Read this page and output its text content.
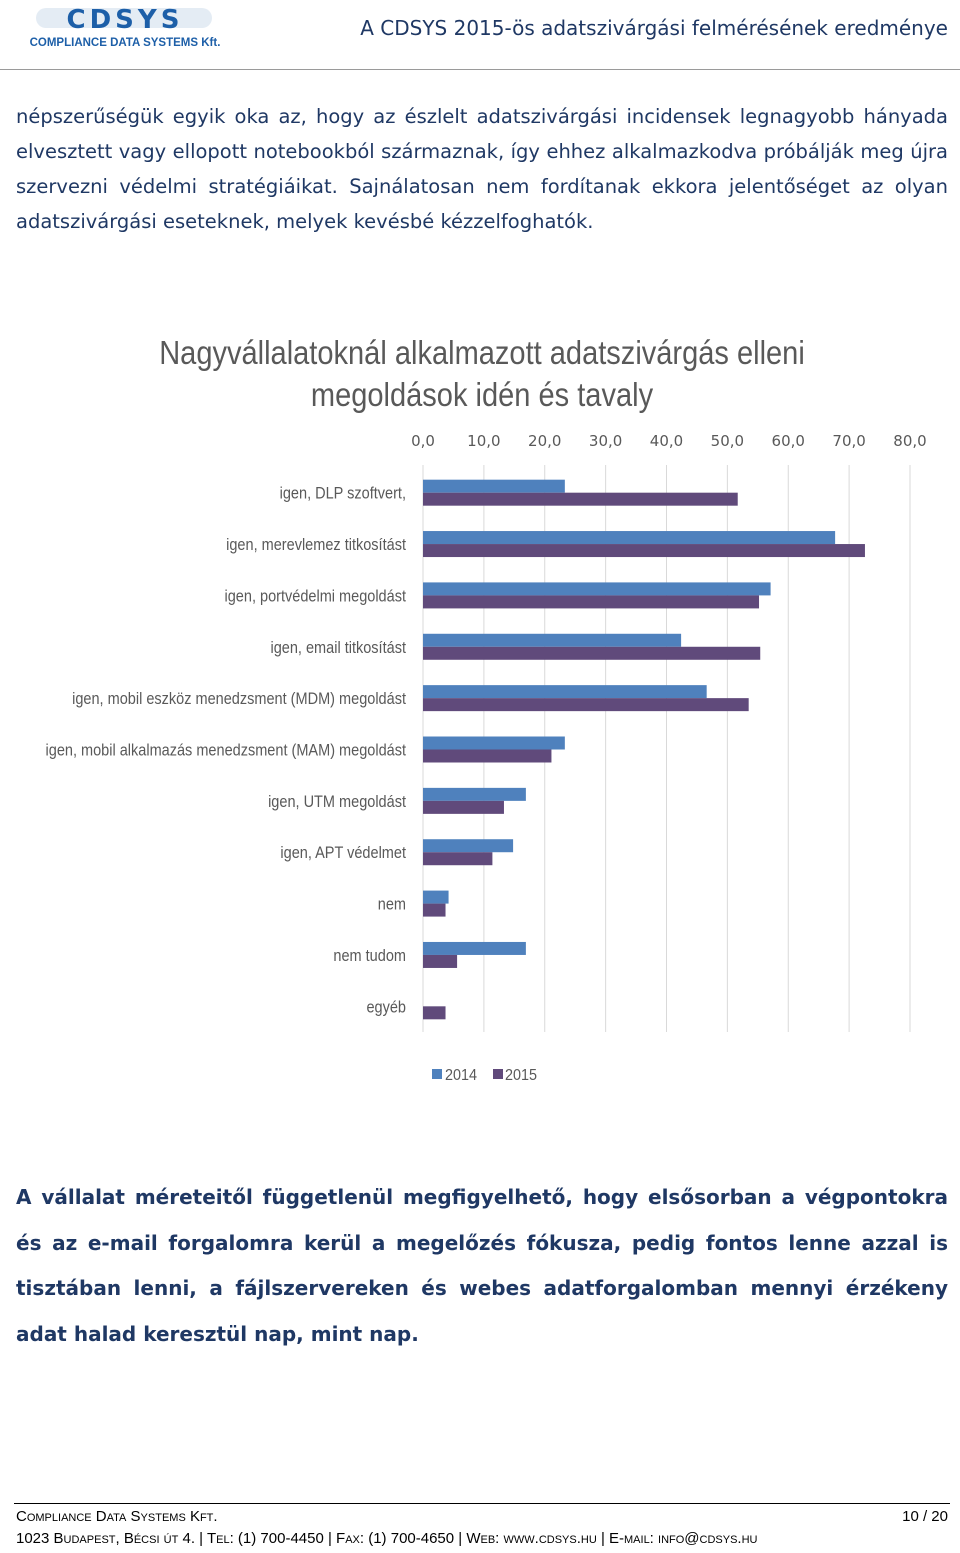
CDSYS
COMPLIANCE DATA SYSTEMS Kft.
A CDSYS 2015-ös adatszivárgási felmérésének eredménye
népszerűségük egyik oka az, hogy az észlelt adatszivárgási incidensek legnagyobb hányada elvesztett vagy ellopott notebookból származnak, így ehhez alkalmazkodva próbálják meg újra szervezni védelmi stratégiáikat. Sajnálatosan nem fordítanak ekkora jelentőséget az olyan adatszivárgási eseteknek, melyek kevésbé kézzelfoghatók.
Nagyvállalatoknál alkalmazott adatszivárgás elleni
megoldások idén és tavaly
0,0 10,0 20,0 30,0 40,0 50,0 60,0 70,0 80,0
igen, DLP szoftvert,
igen, merevlemez titkosítást
igen, portvédelmi megoldást
igen, email titkosítást
igen, mobil eszköz menedzsment (MDM) megoldást
igen, mobil alkalmazás menedzsment (MAM) megoldást
igen, UTM megoldást
igen, APT védelmet
nem
nem tudom
egyéb
2014 2015
A vállalat méreteitől függetlenül megfigyelhető, hogy elsősorban a végpontokra és az e-mail forgalomra kerül a megelőzés fókusza, pedig fontos lenne azzal is tisztában lenni, a fájlszervereken és webes adatforgalomban mennyi érzékeny adat halad keresztül nap, mint nap.
Compliance Data Systems Kft.	10 / 20
1023 Budapest, Bécsi út 4. | Tel: (1) 700-4450 | Fax: (1) 700-4650 | Web: www.cdsys.hu | E-mail: info@cdsys.hu
